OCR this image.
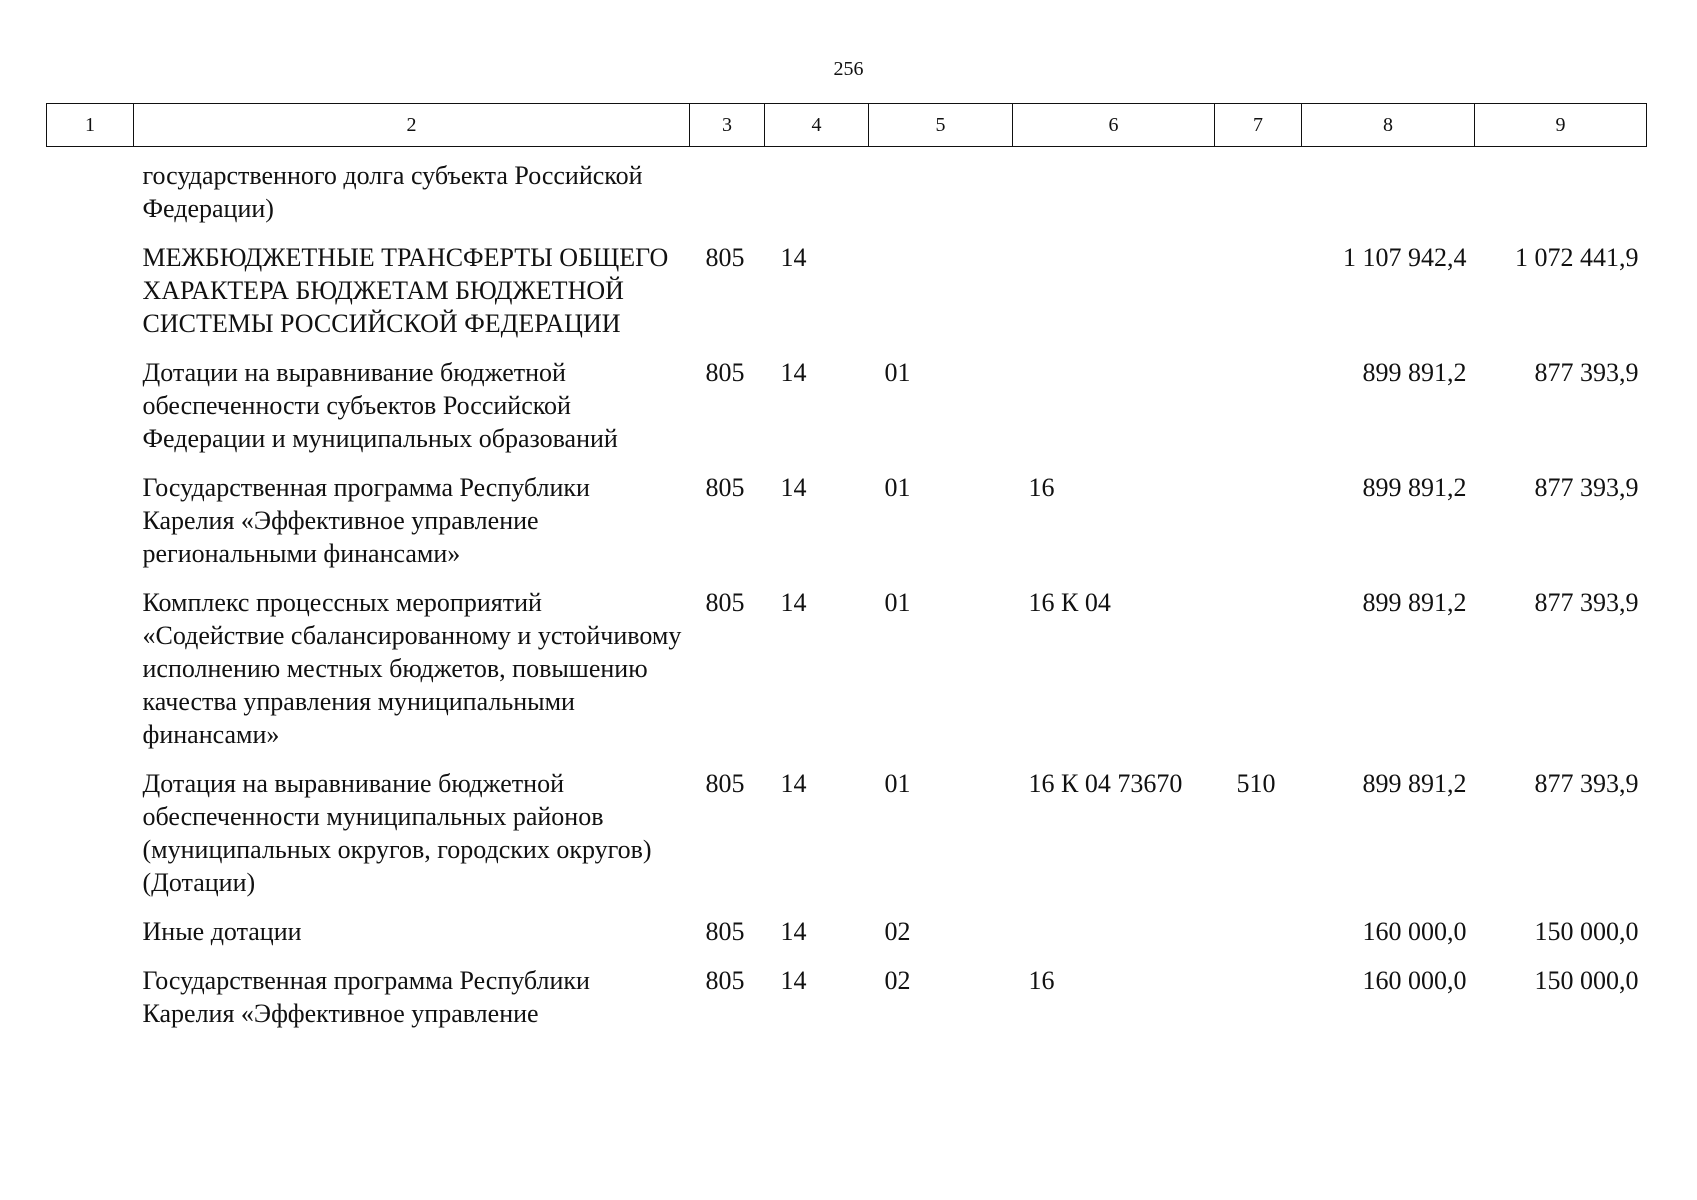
256
1	2	3	4	5	6	7	8	9
	государственного долга субъекта Российской Федерации)							
	МЕЖБЮДЖЕТНЫЕ ТРАНСФЕРТЫ ОБЩЕГО ХАРАКТЕРА БЮДЖЕТАМ БЮДЖЕТНОЙ СИСТЕМЫ РОССИЙСКОЙ ФЕДЕРАЦИИ	805	14				1 107 942,4	1 072 441,9
	Дотации на выравнивание бюджетной обеспеченности субъектов Российской Федерации и муниципальных образований	805	14	01			899 891,2	877 393,9
	Государственная программа Республики Карелия «Эффективное управление региональными финансами»	805	14	01	16		899 891,2	877 393,9
	Комплекс процессных мероприятий «Содействие сбалансированному и устойчивому исполнению местных бюджетов, повышению качества управления муниципальными финансами»	805	14	01	16 К 04		899 891,2	877 393,9
	Дотация на выравнивание бюджетной обеспеченности муниципальных районов (муниципальных округов, городских округов) (Дотации)	805	14	01	16 К 04 73670	510	899 891,2	877 393,9
	Иные дотации	805	14	02			160 000,0	150 000,0
	Государственная программа Республики Карелия «Эффективное управление	805	14	02	16		160 000,0	150 000,0
